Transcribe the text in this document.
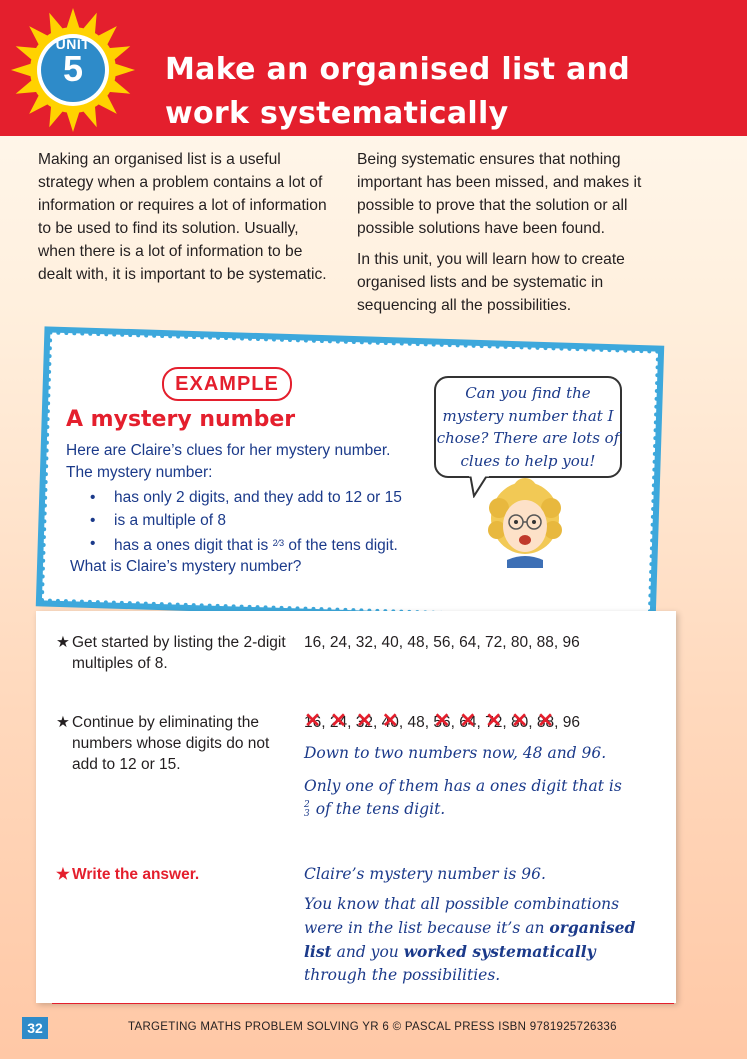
UNIT
5	Make an organised list and work systematically
Making an organised list is a useful strategy when a problem contains a lot of information or requires a lot of information to be used to find its solution. Usually, when there is a lot of information to be dealt with, it is important to be systematic.

Being systematic ensures that nothing important has been missed, and makes it possible to prove that the solution or all possible solutions have been found.

In this unit, you will learn how to create organised lists and be systematic in sequencing all the possibilities.

EXAMPLE
A mystery number
Here are Claire’s clues for her mystery number.
The mystery number:
• has only 2 digits, and they add to 12 or 15
• is a multiple of 8
• has a ones digit that is $^{2⁄3}$ of the tens digit.
What is Claire’s mystery number?
Can you find the mystery number that I chose? There are lots of clues to help you!
★ Get started by listing the 2-digit multiples of 8.
16, 24, 32, 40, 48, 56, 64, 72, 80, 88, 96
★ Continue by eliminating the numbers whose digits do not add to 12 or 15.
16 ✕, 24 ✕, 32 ✕, 40 ✕, 48, 56 ✕, 64 ✕, 72 ✕, 80 ✕, 88 ✕, 96
Down to two numbers now, 48 and 96.
Only one of them has a ones digit that is

2
3 of the tens digit.
★ Write the answer.	Claire’s mystery number is 96.
You know that all possible combinations were in the list because it’s an organised list and you worked systematically through the possibilities.
32	TARGETING MATHS PROBLEM SOLVING YR 6 © PASCAL PRESS ISBN 9781925726336
